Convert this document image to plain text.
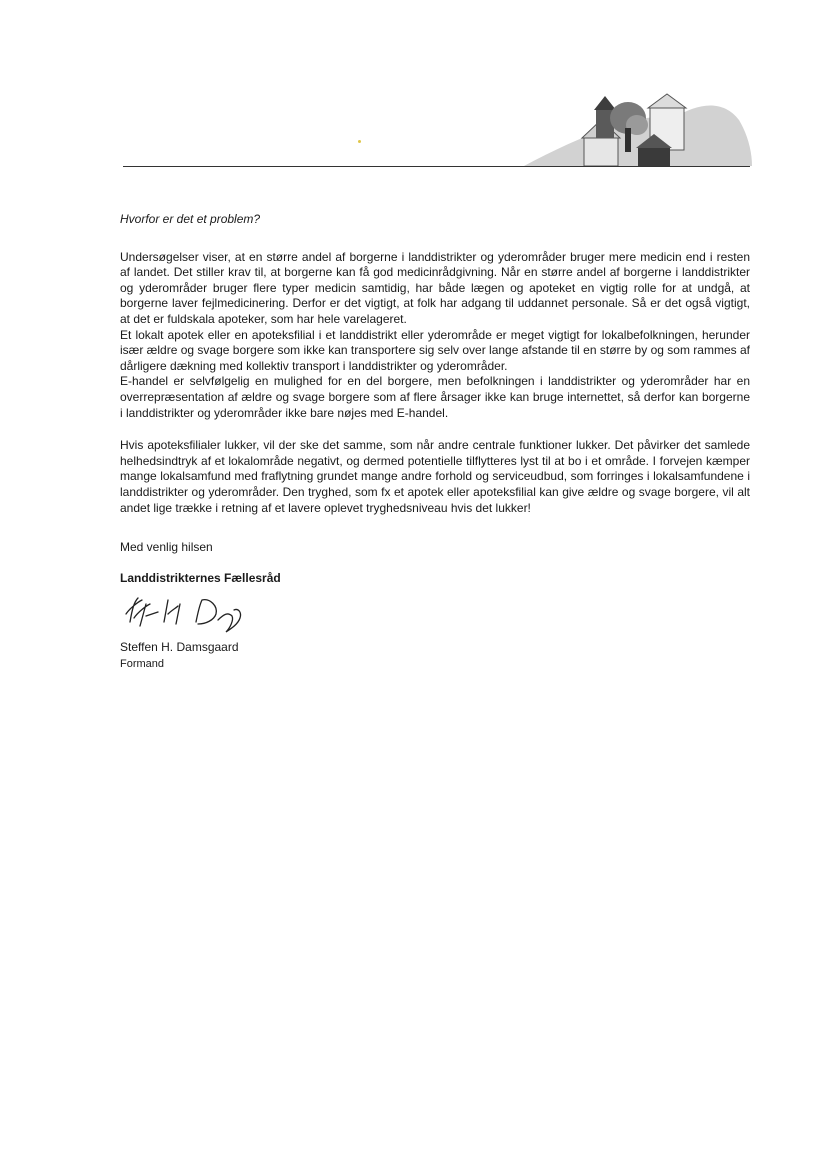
Hvorfor er det et problem?

Undersøgelser viser, at en større andel af borgerne i landdistrikter og yderområder bruger mere medicin end i resten af landet. Det stiller krav til, at borgerne kan få god medicinrådgivning. Når en større andel af borgerne i landdistrikter og yderområder bruger flere typer medicin samtidig, har både lægen og apoteket en vigtig rolle for at undgå, at borgerne laver fejlmedicinering. Derfor er det vigtigt, at folk har adgang til uddannet personale. Så er det også vigtigt, at det er fuldskala apoteker, som har hele varelageret.

Et lokalt apotek eller en apoteksfilial i et landdistrikt eller yderområde er meget vigtigt for lokalbefolkningen, herunder især ældre og svage borgere som ikke kan transportere sig selv over lange afstande til en større by og som rammes af dårligere dækning med kollektiv transport i landdistrikter og yderområder.

E-handel er selvfølgelig en mulighed for en del borgere, men befolkningen i landdistrikter og yderområder har en overrepræsentation af ældre og svage borgere som af flere årsager ikke kan bruge internettet, så derfor kan borgerne i landdistrikter og yderområder ikke bare nøjes med E-handel.

Hvis apoteksfilialer lukker, vil der ske det samme, som når andre centrale funktioner lukker. Det påvirker det samlede helhedsindtryk af et lokalområde negativt, og dermed potentielle tilflytteres lyst til at bo i et område. I forvejen kæmper mange lokalsamfund med fraflytning grundet mange andre forhold og serviceudbud, som forringes i lokalsamfundene i landdistrikter og yderområder. Den tryghed, som fx et apotek eller apoteksfilial kan give ældre og svage borgere, vil alt andet lige trække i retning af et lavere oplevet tryghedsniveau hvis det lukker!

Med venlig hilsen

Landdistrikternes Fællesråd

Steffen H. Damsgaard

Formand
